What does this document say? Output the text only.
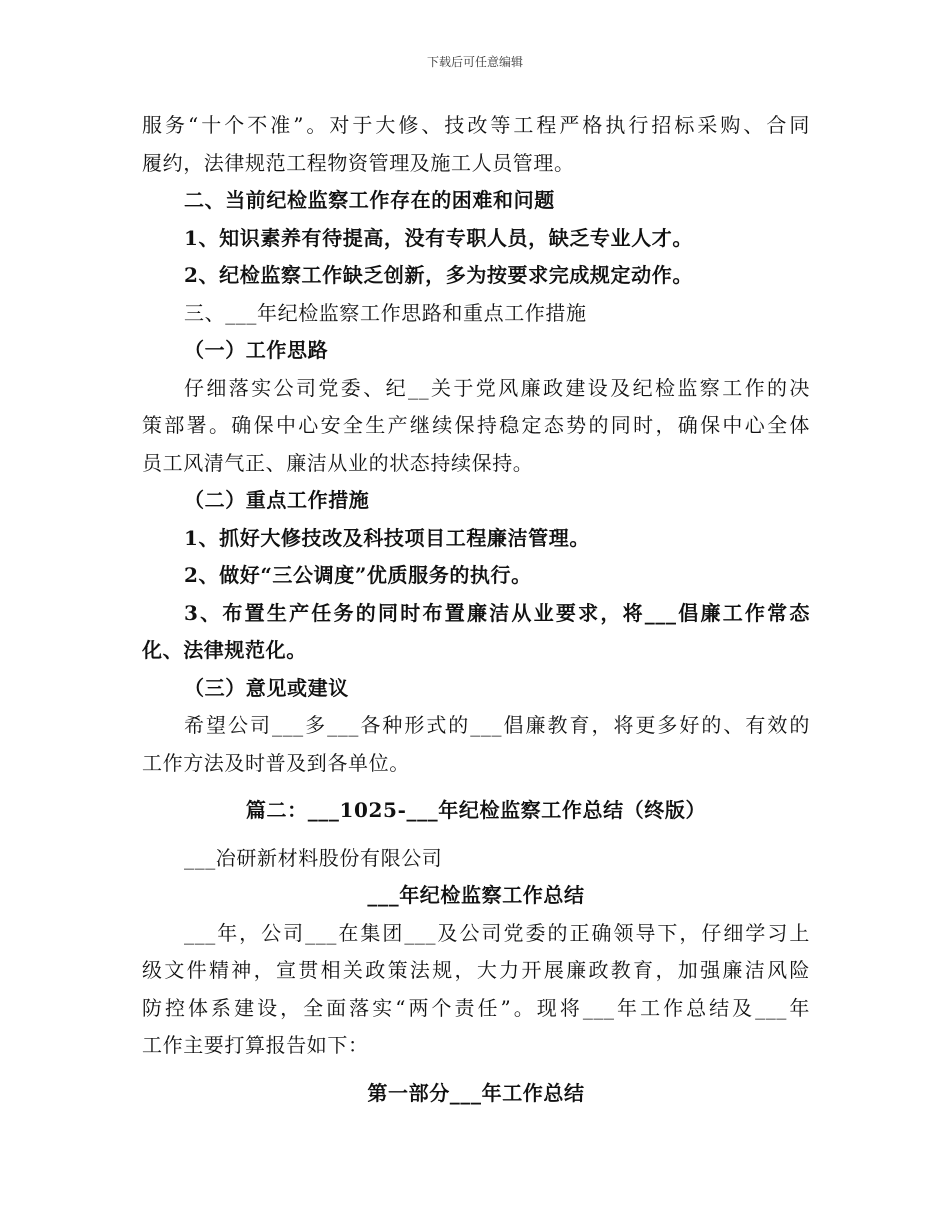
下载后可任意编辑
服务“十个不准”。对于大修、技改等工程严格执行招标采购、合同
履约，法律规范工程物资管理及施工人员管理。
二、当前纪检监察工作存在的困难和问题
1、知识素养有待提高，没有专职人员，缺乏专业人才。
2、纪检监察工作缺乏创新，多为按要求完成规定动作。
三、___年纪检监察工作思路和重点工作措施
（一）工作思路
仔细落实公司党委、纪__关于党风廉政建设及纪检监察工作的决
策部署。确保中心安全生产继续保持稳定态势的同时，确保中心全体
员工风清气正、廉洁从业的状态持续保持。
（二）重点工作措施
1、抓好大修技改及科技项目工程廉洁管理。
2、做好“三公调度”优质服务的执行。
3、布置生产任务的同时布置廉洁从业要求，将___倡廉工作常态
化、法律规范化。
（三）意见或建议
希望公司___多___各种形式的___倡廉教育，将更多好的、有效的
工作方法及时普及到各单位。
篇二：___1025-___年纪检监察工作总结（终版）
___冶研新材料股份有限公司
___年纪检监察工作总结
___年，公司___在集团___及公司党委的正确领导下，仔细学习上
级文件精神，宣贯相关政策法规，大力开展廉政教育，加强廉洁风险
防控体系建设，全面落实“两个责任”。现将___年工作总结及___年
工作主要打算报告如下：
第一部分___年工作总结
